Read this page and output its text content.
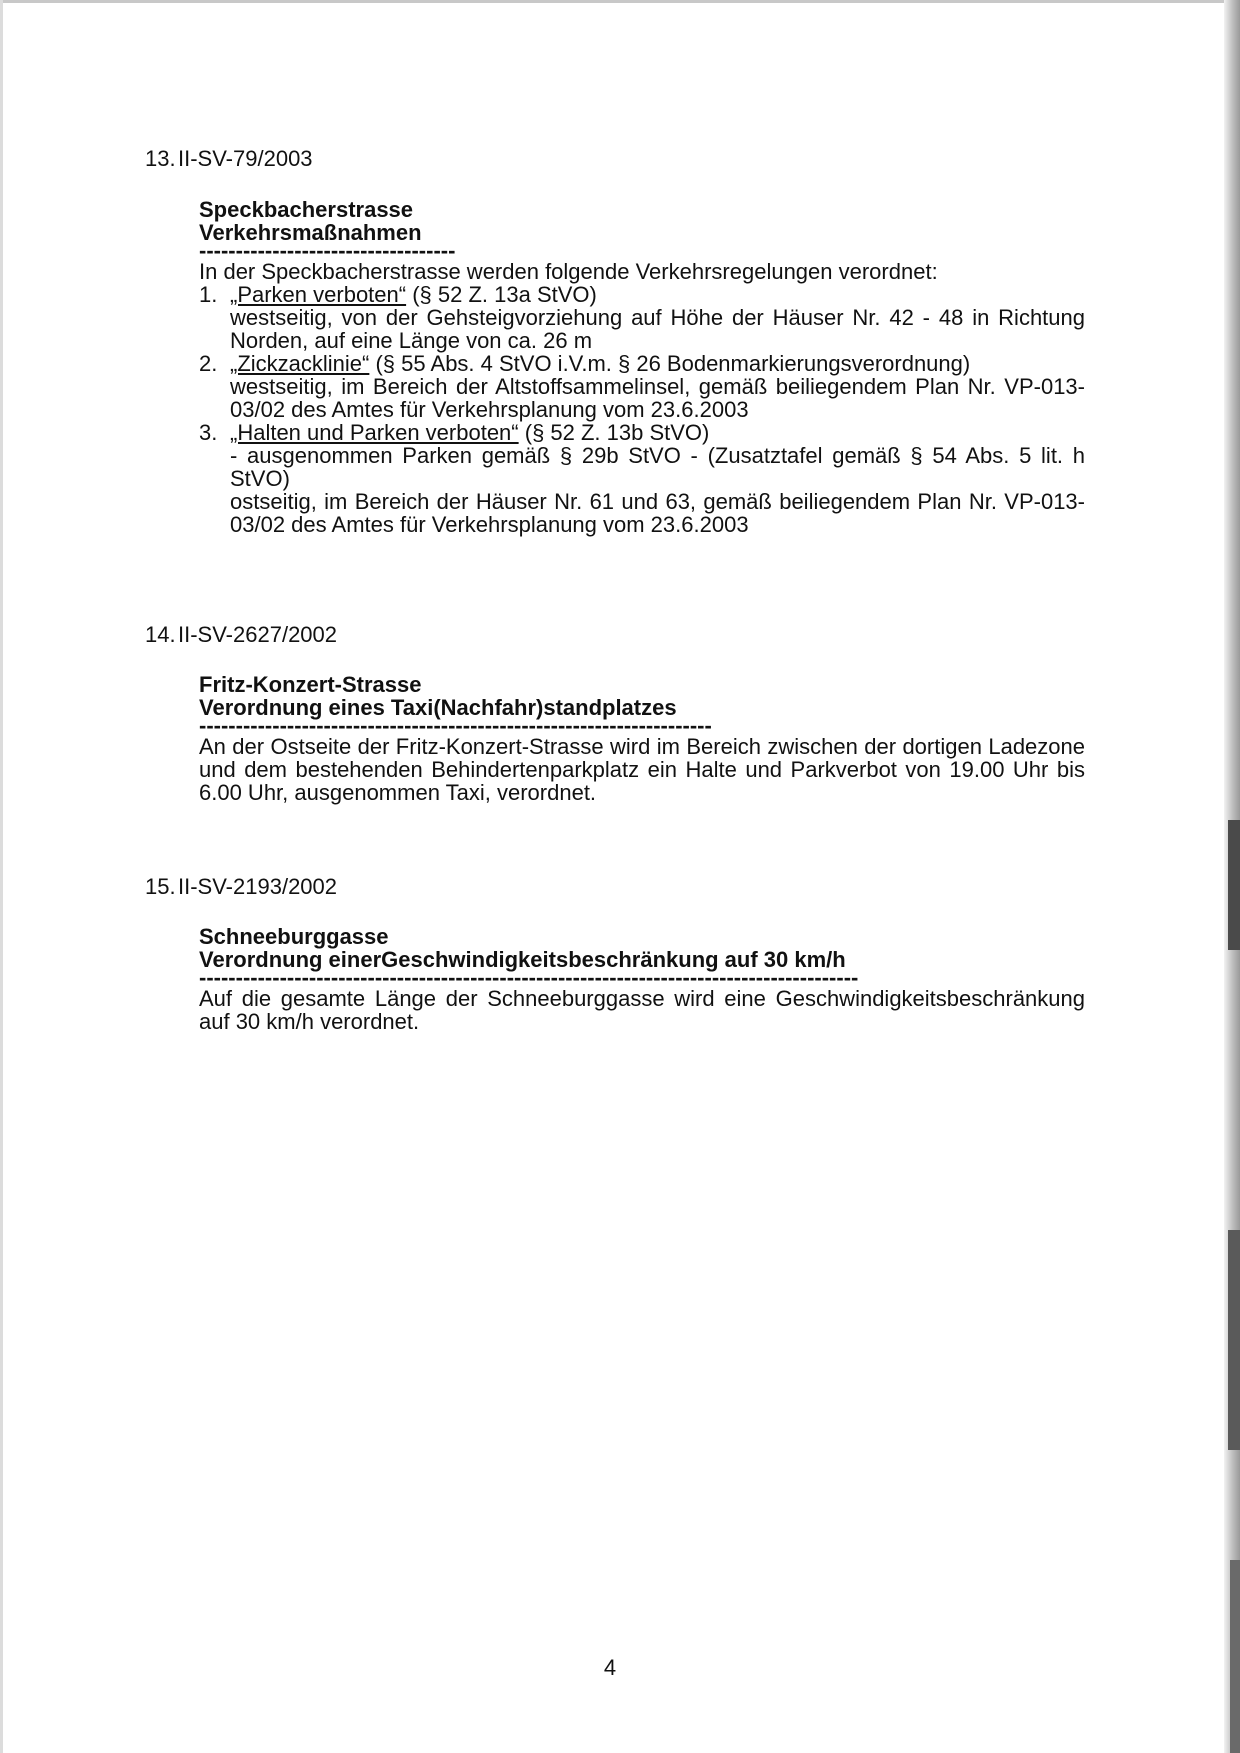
13. II-SV-79/2003

Speckbacherstrasse

Verkehrsmaßnahmen

-----------------------------------

In der Speckbacherstrasse werden folgende Verkehrsregelungen verordnet:

1. „Parken verboten“ (§ 52 Z. 13a StVO)
westseitig, von der Gehsteigvorziehung auf Höhe der Häuser Nr. 42 - 48 in Richtung Norden, auf eine Länge von ca. 26 m
2. „Zickzacklinie“ (§ 55 Abs. 4 StVO i.V.m. § 26 Bodenmarkierungsverordnung)
westseitig, im Bereich der Altstoffsammelinsel, gemäß beiliegendem Plan Nr. VP-013-03/02 des Amtes für Verkehrsplanung vom 23.6.2003
3. „Halten und Parken verboten“ (§ 52 Z. 13b StVO)
- ausgenommen Parken gemäß § 29b StVO - (Zusatztafel gemäß § 54 Abs. 5 lit. h StVO)
ostseitig, im Bereich der Häuser Nr. 61 und 63, gemäß beiliegendem Plan Nr. VP-013-03/02 des Amtes für Verkehrsplanung vom 23.6.2003
14. II-SV-2627/2002

Fritz-Konzert-Strasse

Verordnung eines Taxi(Nachfahr)standplatzes

----------------------------------------------------------------------

An der Ostseite der Fritz-Konzert-Strasse wird im Bereich zwischen der dortigen Ladezone und dem bestehenden Behindertenparkplatz ein Halte und Parkverbot von 19.00 Uhr bis 6.00 Uhr, ausgenommen Taxi, verordnet.

15. II-SV-2193/2002

Schneeburggasse

Verordnung einerGeschwindigkeitsbeschränkung auf 30 km/h

------------------------------------------------------------------------------------------

Auf die gesamte Länge der Schneeburggasse wird eine Geschwindigkeitsbeschränkung auf 30 km/h verordnet.

4
